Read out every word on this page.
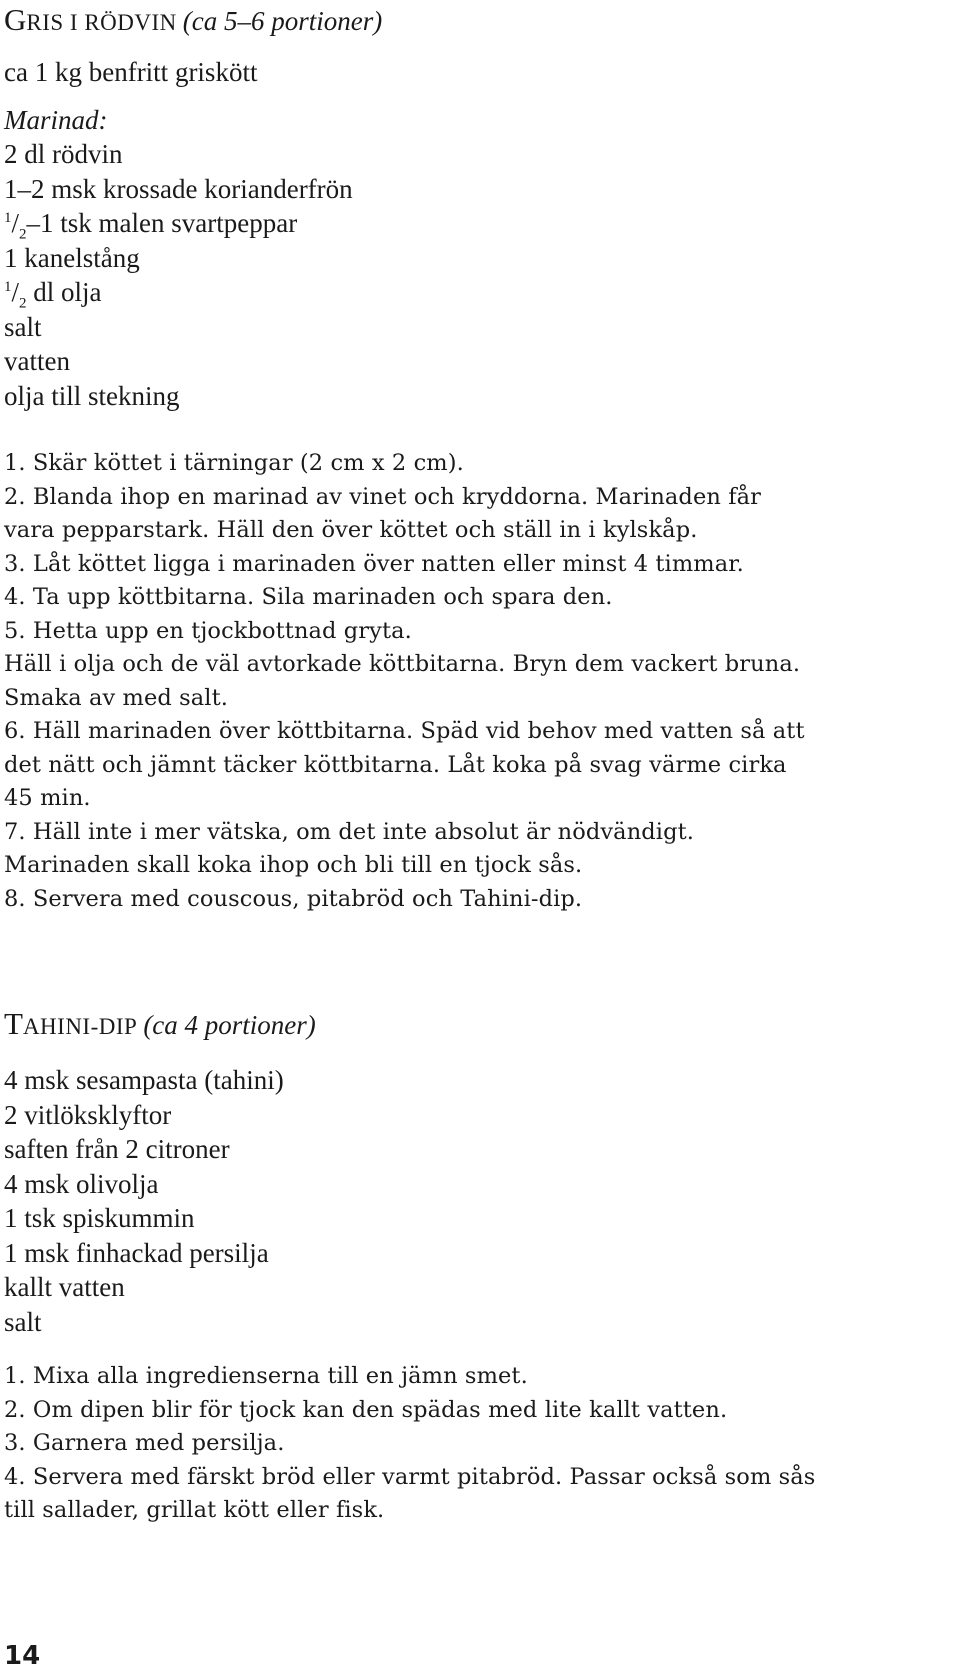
GRIS I RÖDVIN (ca 5–6 portioner)
ca 1 kg benfritt griskött
Marinad:
2 dl rödvin
1–2 msk krossade korianderfrön
$^1/_2-1$ tsk malen svartpeppar
1 kanelstång
$^1/_2$ dl olja
salt
vatten
olja till stekning
1. Skär köttet i tärningar (2 cm x 2 cm).
2. Blanda ihop en marinad av vinet och kryddorna. Marinaden får
vara pepparstark. Häll den över köttet och ställ in i kylskåp.
3. Låt köttet ligga i marinaden över natten eller minst 4 timmar.
4. Ta upp köttbitarna. Sila marinaden och spara den.
5. Hetta upp en tjockbottnad gryta.
Häll i olja och de väl avtorkade köttbitarna. Bryn dem vackert bruna.
Smaka av med salt.
6. Häll marinaden över köttbitarna. Späd vid behov med vatten så att
det nätt och jämnt täcker köttbitarna. Låt koka på svag värme cirka
45 min.
7. Häll inte i mer vätska, om det inte absolut är nödvändigt.
Marinaden skall koka ihop och bli till en tjock sås.
8. Servera med couscous, pitabröd och Tahini-dip.
TAHINI-DIP (ca 4 portioner)
4 msk sesampasta (tahini)
2 vitlöksklyftor
saften från 2 citroner
4 msk olivolja
1 tsk spiskummin
1 msk finhackad persilja
kallt vatten
salt
1. Mixa alla ingredienserna till en jämn smet.
2. Om dipen blir för tjock kan den spädas med lite kallt vatten.
3. Garnera med persilja.
4. Servera med färskt bröd eller varmt pitabröd. Passar också som sås
till sallader, grillat kött eller fisk.
14
